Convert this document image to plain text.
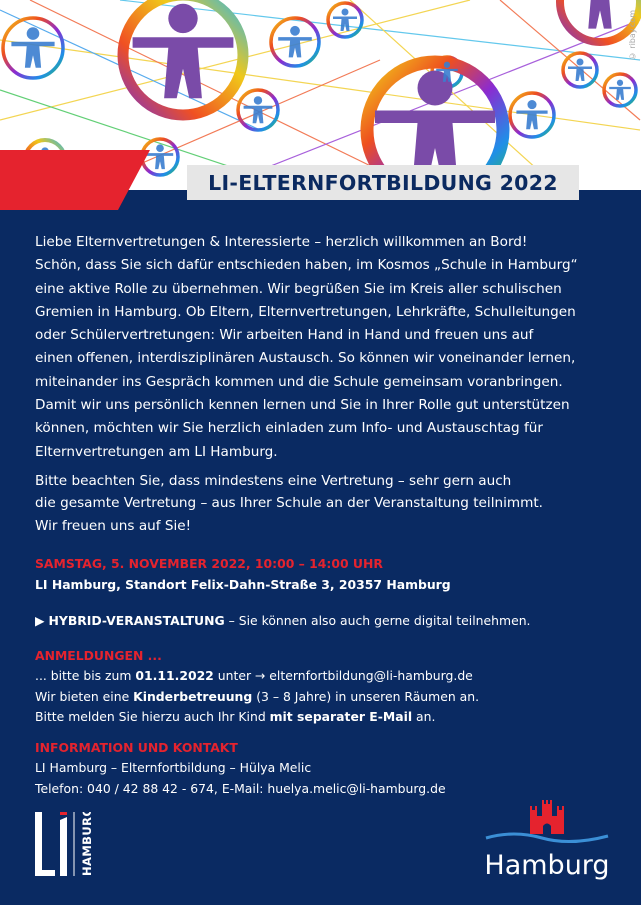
© ribay.com
LI-ELTERNFORTBILDUNG 2022

Liebe Elternvertretungen & Interessierte – herzlich willkommen an Bord!
Schön, dass Sie sich dafür entschieden haben, im Kosmos „Schule in Hamburg“
eine aktive Rolle zu übernehmen. Wir begrüßen Sie im Kreis aller schulischen
Gremien in Hamburg. Ob Eltern, Elternvertretungen, Lehrkräfte, Schulleitungen
oder Schülervertretungen: Wir arbeiten Hand in Hand und freuen uns auf
einen offenen, interdisziplinären Austausch. So können wir voneinander lernen,
miteinander ins Gespräch kommen und die Schule gemeinsam voranbringen.
Damit wir uns persönlich kennen lernen und Sie in Ihrer Rolle gut unterstützen
können, möchten wir Sie herzlich einladen zum Info- und Austauschtag für
Elternvertretungen am LI Hamburg.

Bitte beachten Sie, dass mindestens eine Vertretung – sehr gern auch
die gesamte Vertretung – aus Ihrer Schule an der Veranstaltung teilnimmt.
Wir freuen uns auf Sie!

SAMSTAG, 5. NOVEMBER 2022, 10:00 – 14:00 UHR
LI Hamburg, Standort Felix-Dahn-Straße 3, 20357 Hamburg
▶ HYBRID-VERANSTALTUNG – Sie können also auch gerne digital teilnehmen.
ANMELDUNGEN ...
... bitte bis zum 01.11.2022 unter → elternfortbildung@li-hamburg.de
Wir bieten eine Kinderbetreuung (3 – 8 Jahre) in unseren Räumen an.
Bitte melden Sie hierzu auch Ihr Kind mit separater E-Mail an.
INFORMATION UND KONTAKT
LI Hamburg – Elternfortbildung – Hülya Melic
Telefon: 040 / 42 88 42 - 674, E-Mail: huelya.melic@li-hamburg.de
HAMBURG	Hamburg
